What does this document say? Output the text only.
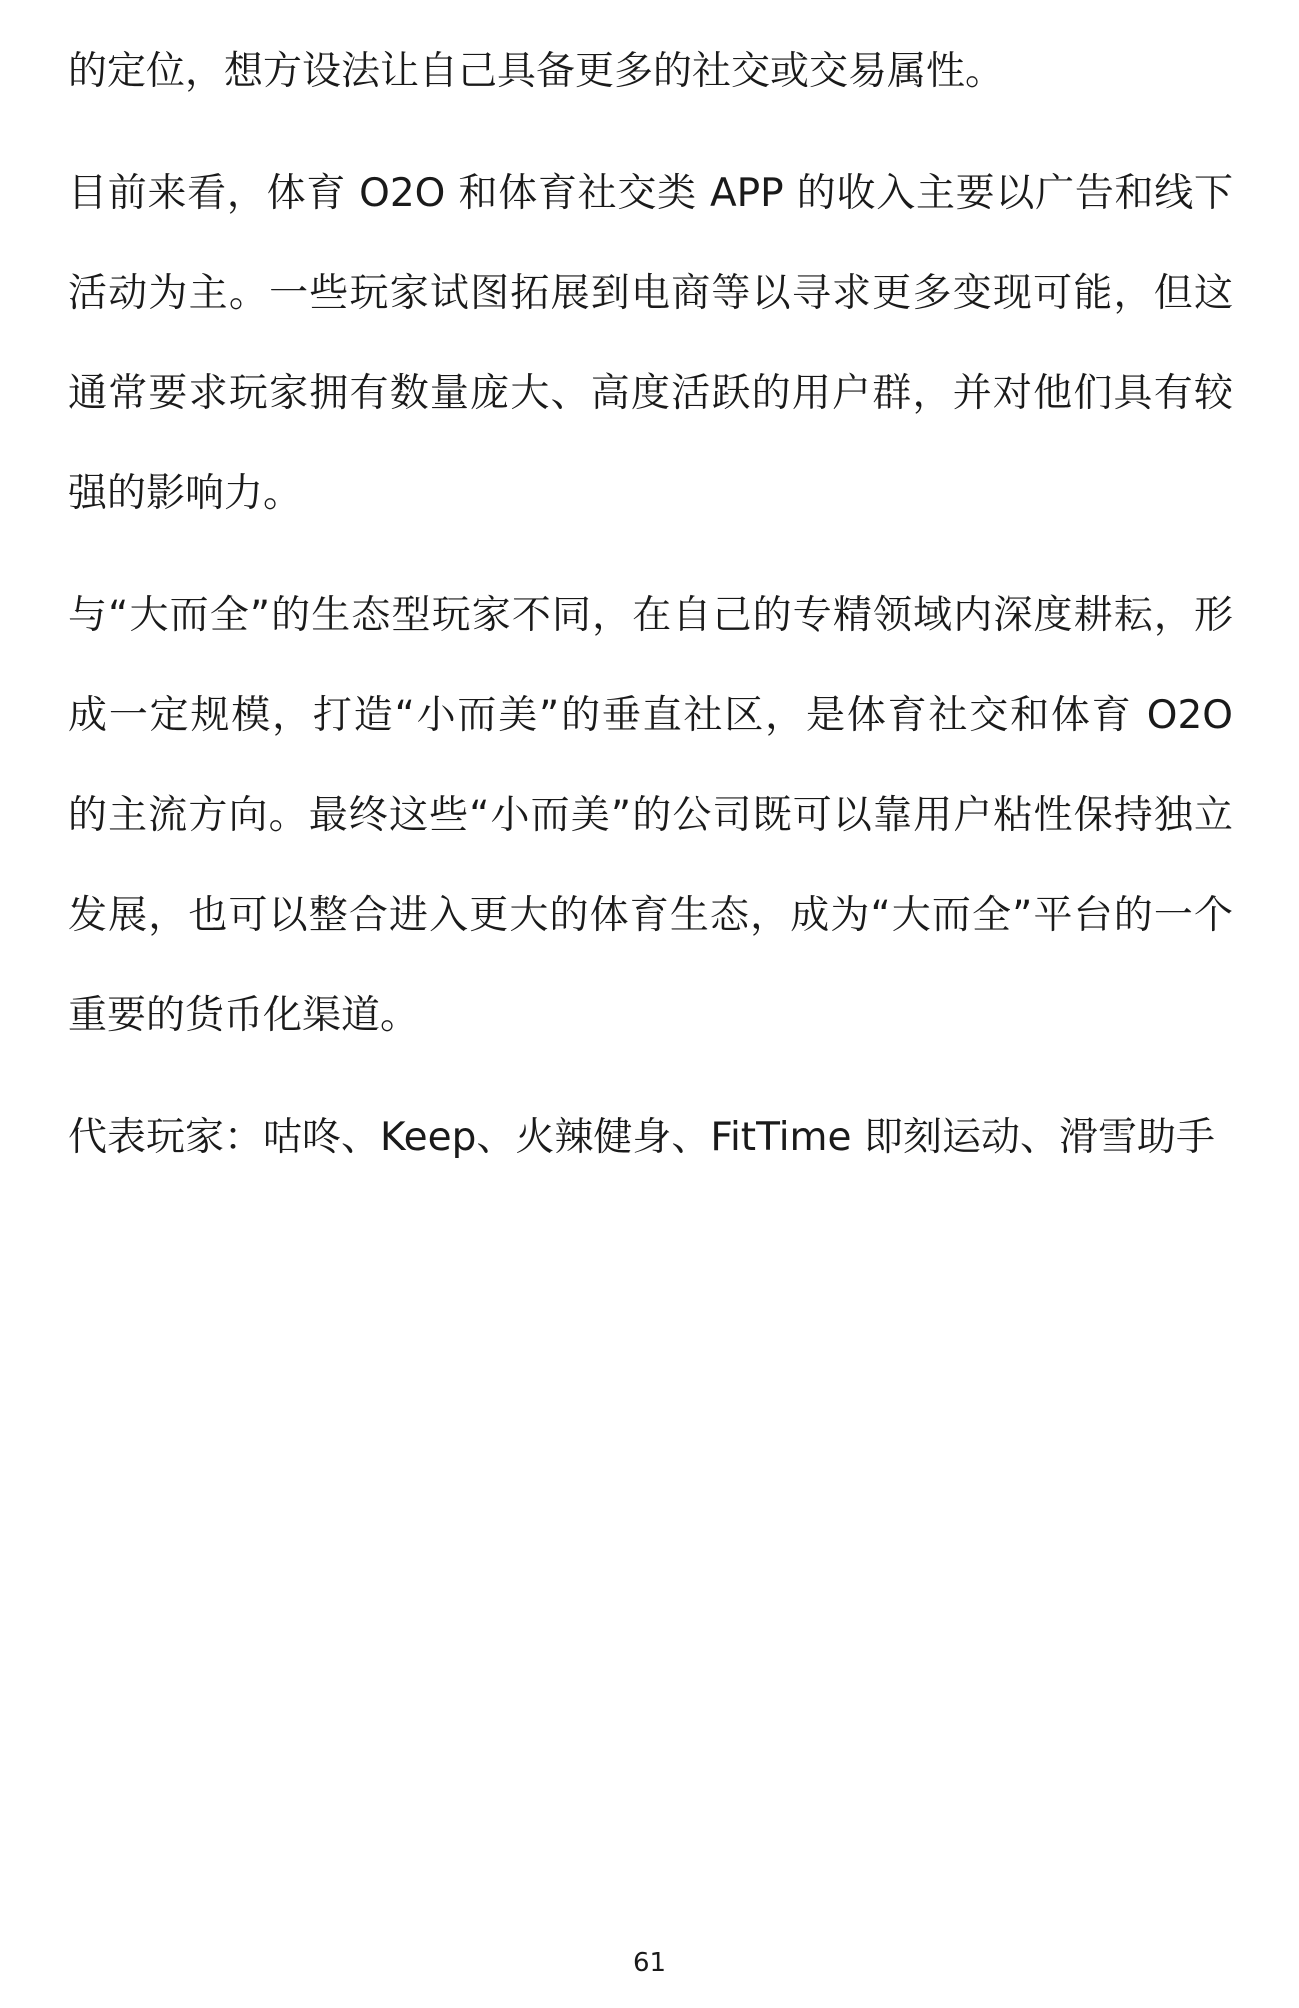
的定位，想方设法让自己具备更多的社交或交易属性。

目前来看，体育 O2O 和体育社交类 APP 的收入主要以广告和线下活动为主。一些玩家试图拓展到电商等以寻求更多变现可能，但这通常要求玩家拥有数量庞大、高度活跃的用户群，并对他们具有较强的影响力。

与“大而全”的生态型玩家不同，在自己的专精领域内深度耕耘，形成一定规模，打造“小而美”的垂直社区，是体育社交和体育 O2O 的主流方向。最终这些“小而美”的公司既可以靠用户粘性保持独立发展，也可以整合进入更大的体育生态，成为“大而全”平台的一个重要的货币化渠道。

代表玩家：咕咚、Keep、火辣健身、FitTime 即刻运动、滑雪助手

61
